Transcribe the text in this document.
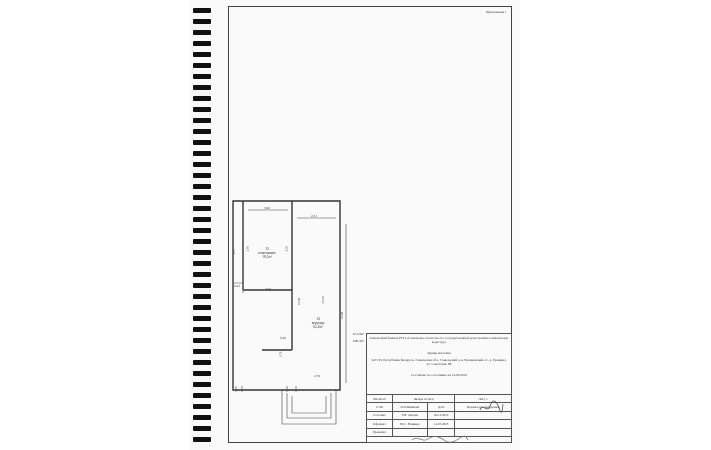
Приложение 1
3,00
2,31
2,11
2,91	3,01
0,23
3,04
13,39	22,01
15,08
0,20
1,79
2,79
13
помещение
18,1м²
14
коридор
62,2м²
Σ15,8м²
Σ80,3м²
Гомельский филиал РУП «Гомельское агентство по государственной регистрации и земельному кадастру»
Здание магазина
247133, Республика Беларусь, Гомельская обл., Гомельский р-н, Еремеевский с/с, д. Еремино, ул. Советская, 88
Составлен по состоянию на 14.09.2023
Масштаб	Литера А1/нсп		Лист 1
1:100	И.О.Фамилия	Дата	Подпись (расшифровка)
Составил	Т.Н. Лисина	20.12.2023	
Оформил	Ю.С. Новиков	14.03.2025	
Проверил			
